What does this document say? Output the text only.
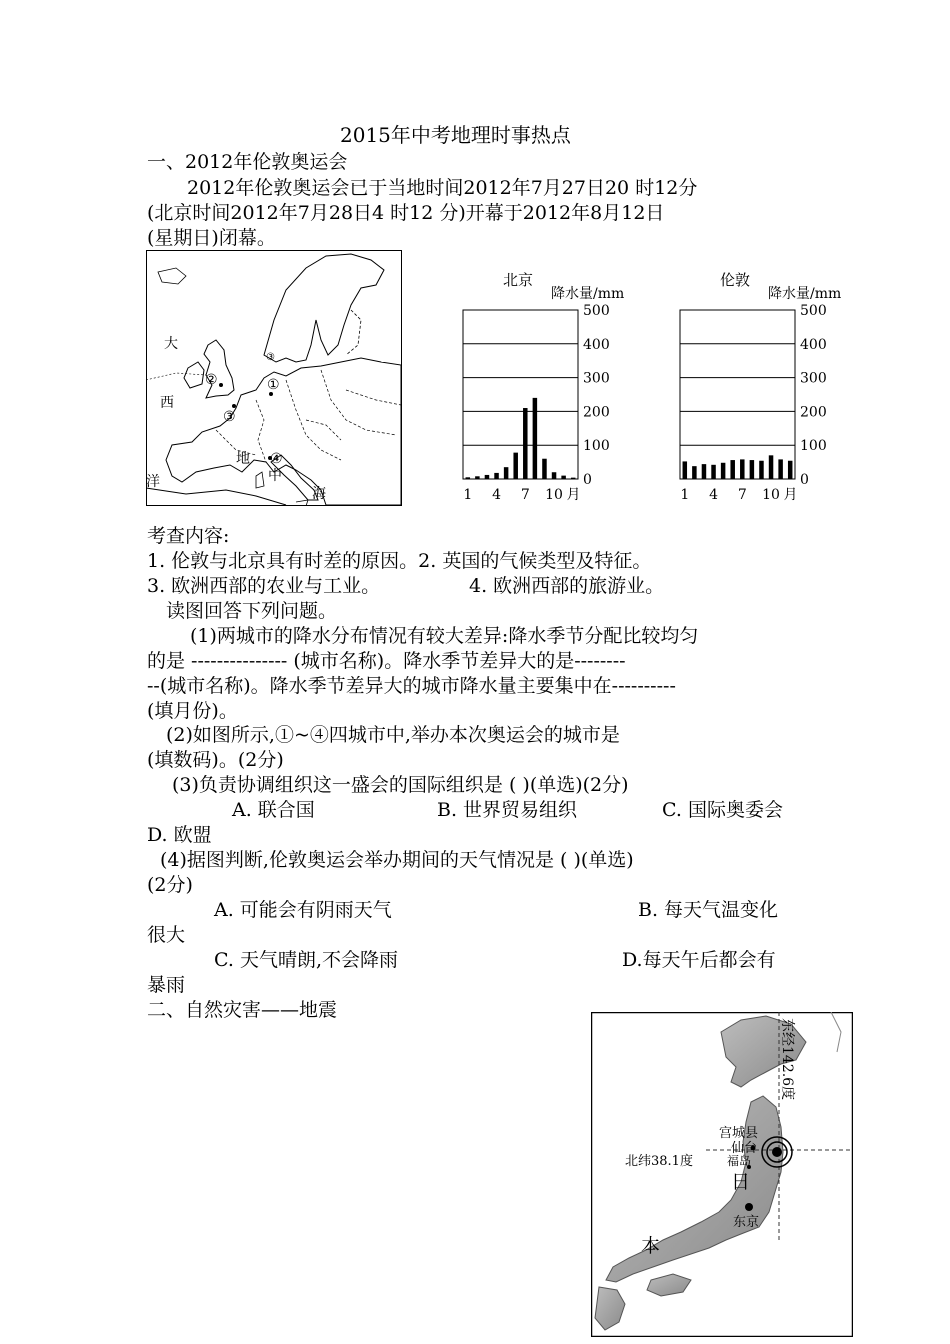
2015年中考地理时事热点
一、2012年伦敦奥运会
2012年伦敦奥运会已于当地时间2012年7月27日20 时12分
(北京时间2012年7月28日4 时12 分)开幕于2012年8月12日
(星期日)闭幕。
大
西
洋
地
中
海
①
②
③
④
③
北京
降水量/mm
500
400
300
200
100
0
1 4 7 10 月
伦敦
降水量/mm
500
400
300
200
100
0
1 4 7 10 月
考查内容:
1. 伦敦与北京具有时差的原因。2. 英国的气候类型及特征。
3. 欧洲西部的农业与工业。	4. 欧洲西部的旅游业。
读图回答下列问题。
(1)两城市的降水分布情况有较大差异:降水季节分配比较均匀
的是 --------------- (城市名称)。降水季节差异大的是--------
--(城市名称)。降水季节差异大的城市降水量主要集中在----------
(填月份)。
(2)如图所示,①~④四城市中,举办本次奥运会的城市是
(填数码)。(2分)
(3)负责协调组织这一盛会的国际组织是 ( )(单选)(2分)
A. 联合国	B. 世界贸易组织	C. 国际奥委会
D. 欧盟
(4)据图判断,伦敦奥运会举办期间的天气情况是 ( )(单选)
(2分)
A. 可能会有阴雨天气	B. 每天气温变化
很大
C. 天气晴朗,不会降雨	D.每天午后都会有
暴雨
二、自然灾害——地震
东经142.6度
北纬38.1度
宫城县
仙台
福岛
东京
日
本
